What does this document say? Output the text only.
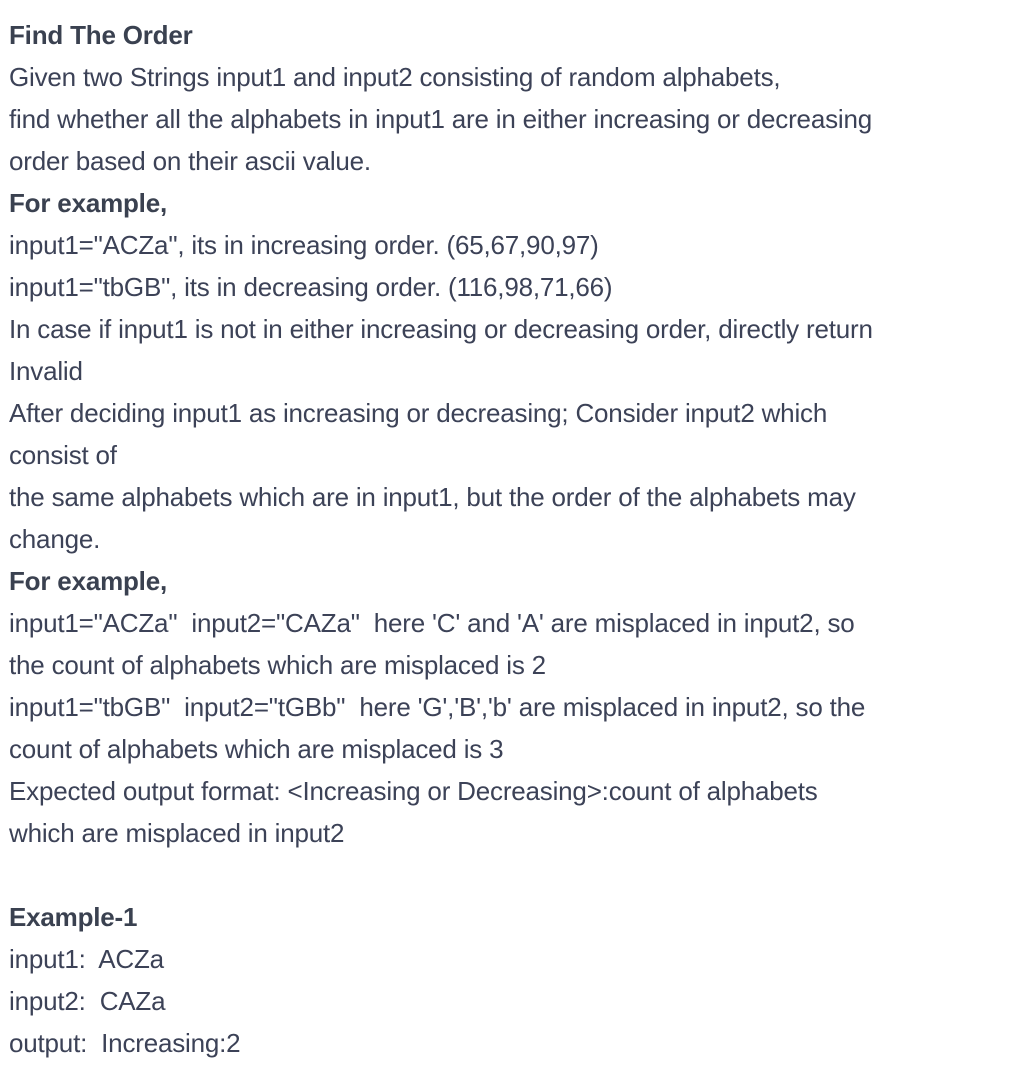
Find The Order
Given two Strings input1 and input2 consisting of random alphabets,
find whether all the alphabets in input1 are in either increasing or decreasing
order based on their ascii value.
For example,
input1="ACZa", its in increasing order. (65,67,90,97)
input1="tbGB", its in decreasing order. (116,98,71,66)
In case if input1 is not in either increasing or decreasing order, directly return
Invalid
After deciding input1 as increasing or decreasing; Consider input2 which
consist of
the same alphabets which are in input1, but the order of the alphabets may
change.
For example,
input1="ACZa"  input2="CAZa"  here 'C' and 'A' are misplaced in input2, so
the count of alphabets which are misplaced is 2
input1="tbGB"  input2="tGBb"  here 'G','B','b' are misplaced in input2, so the
count of alphabets which are misplaced is 3
Expected output format: <Increasing or Decreasing>:count of alphabets
which are misplaced in input2
Example-1
input1:  ACZa
input2:  CAZa
output:  Increasing:2
